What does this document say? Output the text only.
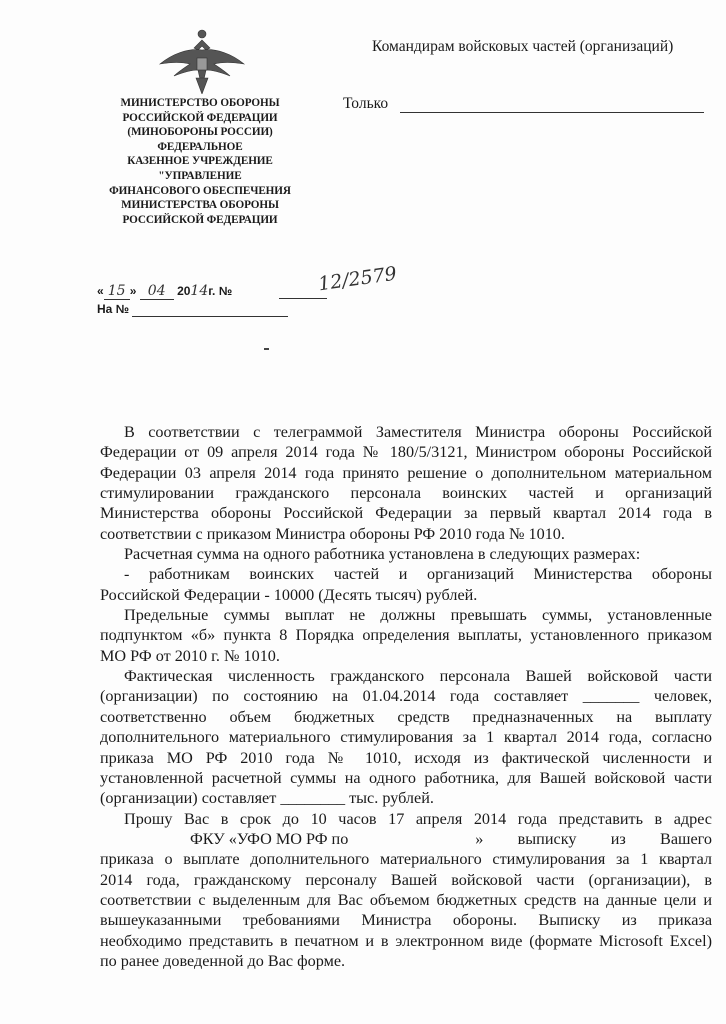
Командирам войсковых частей (организаций)
Только
МИНИСТЕРСТВО ОБОРОНЫ
РОССИЙСКОЙ ФЕДЕРАЦИИ
(МИНОБОРОНЫ РОССИИ)
ФЕДЕРАЛЬНОЕ
КАЗЕННОЕ УЧРЕЖДЕНИЕ
"УПРАВЛЕНИЕ
ФИНАНСОВОГО ОБЕСПЕЧЕНИЯ
МИНИСТЕРСТВА ОБОРОНЫ
РОССИЙСКОЙ ФЕДЕРАЦИИ
« 15 » 04 2014г. №	12/2579
На №
В соответствии с телеграммой Заместителя Министра обороны Российской
Федерации от 09 апреля 2014 года № 180/5/3121, Министром обороны Российской
Федерации 03 апреля 2014 года принято решение о дополнительном материальном
стимулировании гражданского персонала воинских частей и организаций
Министерства обороны Российской Федерации за первый квартал 2014 года в
соответствии с приказом Министра обороны РФ 2010 года № 1010.
Расчетная сумма на одного работника установлена в следующих размерах:
- работникам воинских частей и организаций Министерства обороны
Российской Федерации - 10000 (Десять тысяч) рублей.
Предельные суммы выплат не должны превышать суммы, установленные
подпунктом «б» пункта 8 Порядка определения выплаты, установленного приказом
МО РФ от 2010 г. № 1010.
Фактическая численность гражданского персонала Вашей войсковой части
(организации) по состоянию на 01.04.2014 года составляет _______ человек,
соответственно объем бюджетных средств предназначенных на выплату
дополнительного материального стимулирования за 1 квартал 2014 года, согласно
приказа МО РФ 2010 года № 1010, исходя из фактической численности и
установленной расчетной суммы на одного работника, для Вашей войсковой части
(организации) составляет ________ тыс. рублей.
Прошу Вас в срок до 10 часов 17 апреля 2014 года представить в адрес
ФКУ «УФО МО РФ по	» выписку из Вашего
приказа о выплате дополнительного материального стимулирования за 1 квартал
2014 года, гражданскому персоналу Вашей войсковой части (организации), в
соответствии с выделенным для Вас объемом бюджетных средств на данные цели и
вышеуказанными требованиями Министра обороны. Выписку из приказа
необходимо представить в печатном и в электронном виде (формате Microsoft Excel)
по ранее доведенной до Вас форме.
